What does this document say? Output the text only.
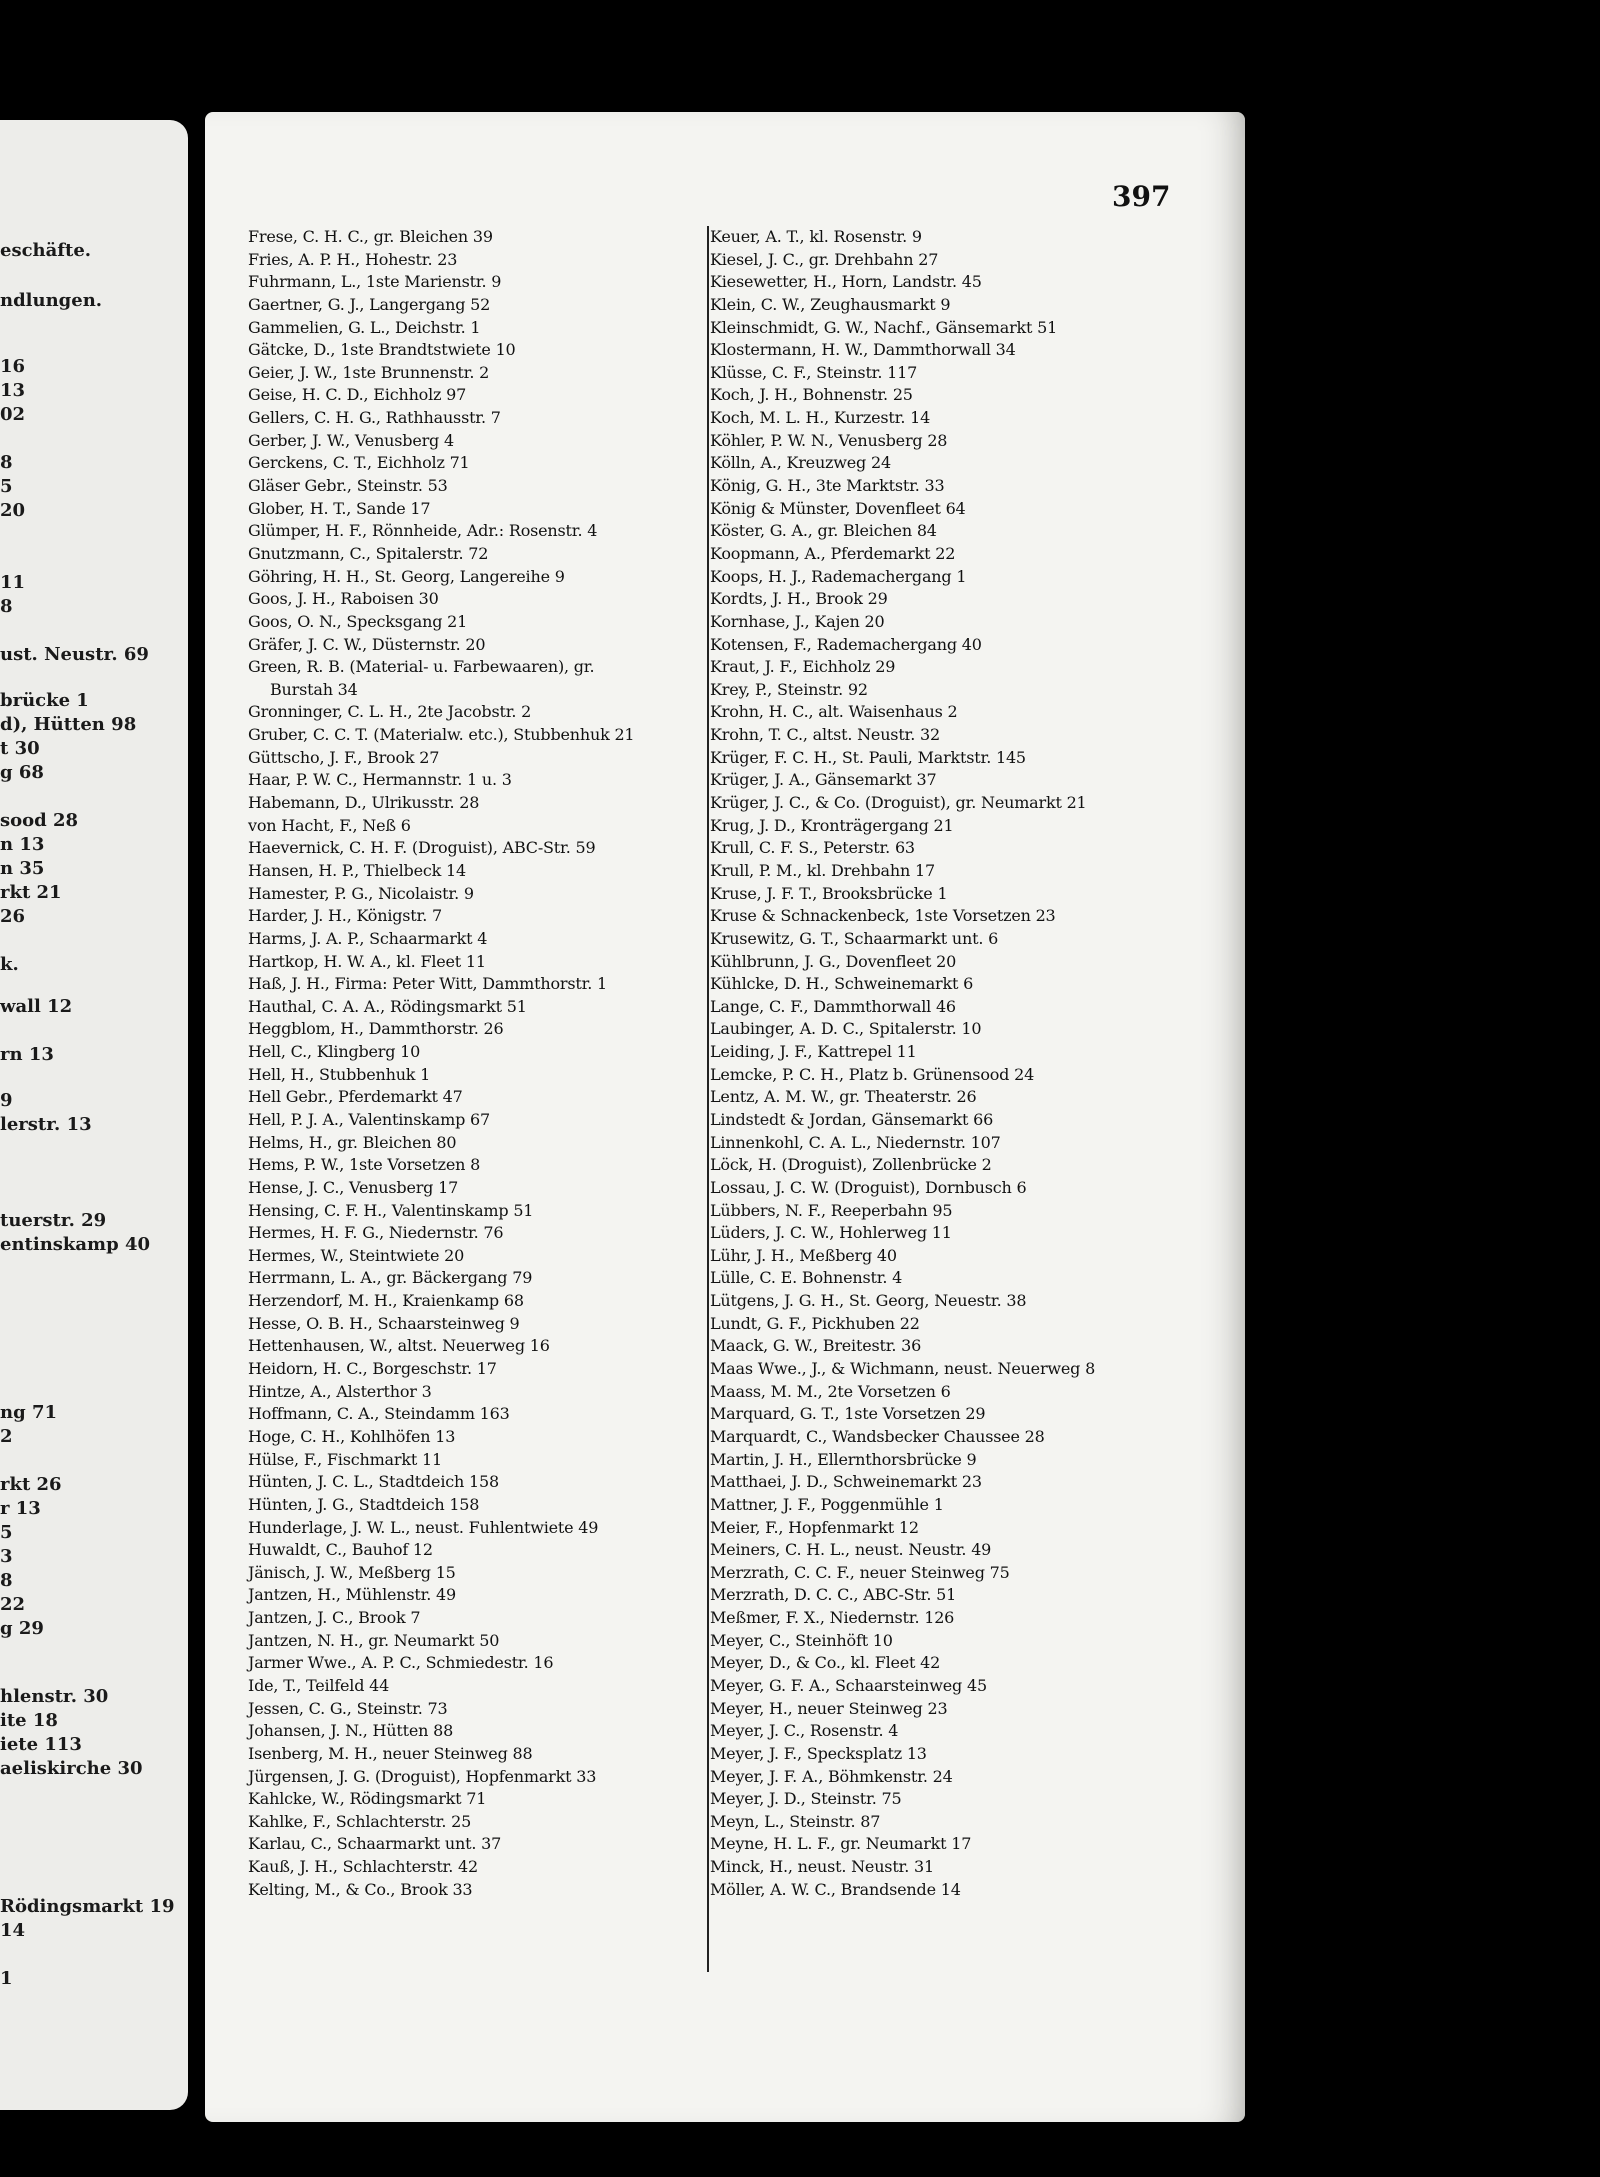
eschäfte.
ndlungen.
16
13
02
8
5
20
11
8
ust. Neustr. 69
brücke 1
d), Hütten 98
t 30
g 68
sood 28
n 13
n 35
rkt 21
26
k.
wall 12
rn 13
9
lerstr. 13
tuerstr. 29
entinskamp 40
ng 71
2
rkt 26
r 13
5
3
8
22
g 29
hlenstr. 30
ite 18
iete 113
aeliskirche 30
Rödingsmarkt 19
14
1
397
Frese, C. H. C., gr. Bleichen 39
Fries, A. P. H., Hohestr. 23
Fuhrmann, L., 1ste Marienstr. 9
Gaertner, G. J., Langergang 52
Gammelien, G. L., Deichstr. 1
Gätcke, D., 1ste Brandtstwiete 10
Geier, J. W., 1ste Brunnenstr. 2
Geise, H. C. D., Eichholz 97
Gellers, C. H. G., Rathhausstr. 7
Gerber, J. W., Venusberg 4
Gerckens, C. T., Eichholz 71
Gläser Gebr., Steinstr. 53
Glober, H. T., Sande 17
Glümper, H. F., Rönnheide, Adr.: Rosenstr. 4
Gnutzmann, C., Spitalerstr. 72
Göhring, H. H., St. Georg, Langereihe 9
Goos, J. H., Raboisen 30
Goos, O. N., Specksgang 21
Gräfer, J. C. W., Düsternstr. 20
Green, R. B. (Material- u. Farbewaaren), gr.
Burstah 34
Gronninger, C. L. H., 2te Jacobstr. 2
Gruber, C. C. T. (Materialw. etc.), Stubbenhuk 21
Güttscho, J. F., Brook 27
Haar, P. W. C., Hermannstr. 1 u. 3
Habemann, D., Ulrikusstr. 28
von Hacht, F., Neß 6
Haevernick, C. H. F. (Droguist), ABC-Str. 59
Hansen, H. P., Thielbeck 14
Hamester, P. G., Nicolaistr. 9
Harder, J. H., Königstr. 7
Harms, J. A. P., Schaarmarkt 4
Hartkop, H. W. A., kl. Fleet 11
Haß, J. H., Firma: Peter Witt, Dammthorstr. 1
Hauthal, C. A. A., Rödingsmarkt 51
Heggblom, H., Dammthorstr. 26
Hell, C., Klingberg 10
Hell, H., Stubbenhuk 1
Hell Gebr., Pferdemarkt 47
Hell, P. J. A., Valentinskamp 67
Helms, H., gr. Bleichen 80
Hems, P. W., 1ste Vorsetzen 8
Hense, J. C., Venusberg 17
Hensing, C. F. H., Valentinskamp 51
Hermes, H. F. G., Niedernstr. 76
Hermes, W., Steintwiete 20
Herrmann, L. A., gr. Bäckergang 79
Herzendorf, M. H., Kraienkamp 68
Hesse, O. B. H., Schaarsteinweg 9
Hettenhausen, W., altst. Neuerweg 16
Heidorn, H. C., Borgeschstr. 17
Hintze, A., Alsterthor 3
Hoffmann, C. A., Steindamm 163
Hoge, C. H., Kohlhöfen 13
Hülse, F., Fischmarkt 11
Hünten, J. C. L., Stadtdeich 158
Hünten, J. G., Stadtdeich 158
Hunderlage, J. W. L., neust. Fuhlentwiete 49
Huwaldt, C., Bauhof 12
Jänisch, J. W., Meßberg 15
Jantzen, H., Mühlenstr. 49
Jantzen, J. C., Brook 7
Jantzen, N. H., gr. Neumarkt 50
Jarmer Wwe., A. P. C., Schmiedestr. 16
Ide, T., Teilfeld 44
Jessen, C. G., Steinstr. 73
Johansen, J. N., Hütten 88
Isenberg, M. H., neuer Steinweg 88
Jürgensen, J. G. (Droguist), Hopfenmarkt 33
Kahlcke, W., Rödingsmarkt 71
Kahlke, F., Schlachterstr. 25
Karlau, C., Schaarmarkt unt. 37
Kauß, J. H., Schlachterstr. 42
Kelting, M., & Co., Brook 33
Keuer, A. T., kl. Rosenstr. 9
Kiesel, J. C., gr. Drehbahn 27
Kiesewetter, H., Horn, Landstr. 45
Klein, C. W., Zeughausmarkt 9
Kleinschmidt, G. W., Nachf., Gänsemarkt 51
Klostermann, H. W., Dammthorwall 34
Klüsse, C. F., Steinstr. 117
Koch, J. H., Bohnenstr. 25
Koch, M. L. H., Kurzestr. 14
Köhler, P. W. N., Venusberg 28
Kölln, A., Kreuzweg 24
König, G. H., 3te Marktstr. 33
König & Münster, Dovenfleet 64
Köster, G. A., gr. Bleichen 84
Koopmann, A., Pferdemarkt 22
Koops, H. J., Rademachergang 1
Kordts, J. H., Brook 29
Kornhase, J., Kajen 20
Kotensen, F., Rademachergang 40
Kraut, J. F., Eichholz 29
Krey, P., Steinstr. 92
Krohn, H. C., alt. Waisenhaus 2
Krohn, T. C., altst. Neustr. 32
Krüger, F. C. H., St. Pauli, Marktstr. 145
Krüger, J. A., Gänsemarkt 37
Krüger, J. C., & Co. (Droguist), gr. Neumarkt 21
Krug, J. D., Kronträgergang 21
Krull, C. F. S., Peterstr. 63
Krull, P. M., kl. Drehbahn 17
Kruse, J. F. T., Brooksbrücke 1
Kruse & Schnackenbeck, 1ste Vorsetzen 23
Krusewitz, G. T., Schaarmarkt unt. 6
Kühlbrunn, J. G., Dovenfleet 20
Kühlcke, D. H., Schweinemarkt 6
Lange, C. F., Dammthorwall 46
Laubinger, A. D. C., Spitalerstr. 10
Leiding, J. F., Kattrepel 11
Lemcke, P. C. H., Platz b. Grünensood 24
Lentz, A. M. W., gr. Theaterstr. 26
Lindstedt & Jordan, Gänsemarkt 66
Linnenkohl, C. A. L., Niedernstr. 107
Löck, H. (Droguist), Zollenbrücke 2
Lossau, J. C. W. (Droguist), Dornbusch 6
Lübbers, N. F., Reeperbahn 95
Lüders, J. C. W., Hohlerweg 11
Lühr, J. H., Meßberg 40
Lülle, C. E. Bohnenstr. 4
Lütgens, J. G. H., St. Georg, Neuestr. 38
Lundt, G. F., Pickhuben 22
Maack, G. W., Breitestr. 36
Maas Wwe., J., & Wichmann, neust. Neuerweg 8
Maass, M. M., 2te Vorsetzen 6
Marquard, G. T., 1ste Vorsetzen 29
Marquardt, C., Wandsbecker Chaussee 28
Martin, J. H., Ellernthorsbrücke 9
Matthaei, J. D., Schweinemarkt 23
Mattner, J. F., Poggenmühle 1
Meier, F., Hopfenmarkt 12
Meiners, C. H. L., neust. Neustr. 49
Merzrath, C. C. F., neuer Steinweg 75
Merzrath, D. C. C., ABC-Str. 51
Meßmer, F. X., Niedernstr. 126
Meyer, C., Steinhöft 10
Meyer, D., & Co., kl. Fleet 42
Meyer, G. F. A., Schaarsteinweg 45
Meyer, H., neuer Steinweg 23
Meyer, J. C., Rosenstr. 4
Meyer, J. F., Specksplatz 13
Meyer, J. F. A., Böhmkenstr. 24
Meyer, J. D., Steinstr. 75
Meyn, L., Steinstr. 87
Meyne, H. L. F., gr. Neumarkt 17
Minck, H., neust. Neustr. 31
Möller, A. W. C., Brandsende 14
